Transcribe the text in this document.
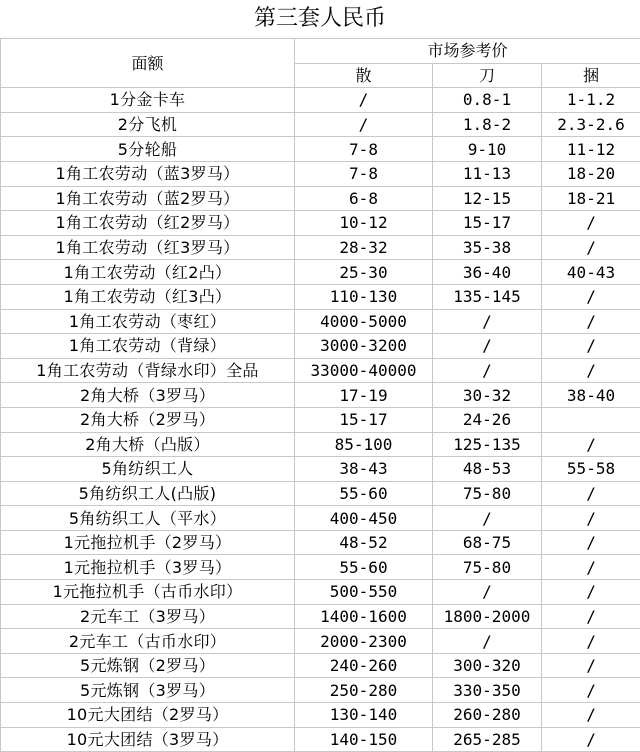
第三套人民币
面额	市场参考价		
	散	刀	捆
1分金卡车	/	0.8-1	1-1.2
2分飞机	/	1.8-2	2.3-2.6
5分轮船	7-8	9-10	11-12
1角工农劳动（蓝3罗马）	7-8	11-13	18-20
1角工农劳动（蓝2罗马）	6-8	12-15	18-21
1角工农劳动（红2罗马）	10-12	15-17	/
1角工农劳动（红3罗马）	28-32	35-38	/
1角工农劳动（红2凸）	25-30	36-40	40-43
1角工农劳动（红3凸）	110-130	135-145	/
1角工农劳动（枣红）	4000-5000	/	/
1角工农劳动（背绿）	3000-3200	/	/
1角工农劳动（背绿水印）全品	33000-40000	/	/
2角大桥（3罗马）	17-19	30-32	38-40
2角大桥（2罗马）	15-17	24-26	
2角大桥（凸版）	85-100	125-135	/
5角纺织工人	38-43	48-53	55-58
5角纺织工人(凸版)	55-60	75-80	/
5角纺织工人（平水）	400-450	/	/
1元拖拉机手（2罗马）	48-52	68-75	/
1元拖拉机手（3罗马）	55-60	75-80	/
1元拖拉机手（古币水印）	500-550	/	/
2元车工（3罗马）	1400-1600	1800-2000	/
2元车工（古币水印）	2000-2300	/	/
5元炼钢（2罗马）	240-260	300-320	/
5元炼钢（3罗马）	250-280	330-350	/
10元大团结（2罗马）	130-140	260-280	/
10元大团结（3罗马）	140-150	265-285	/
